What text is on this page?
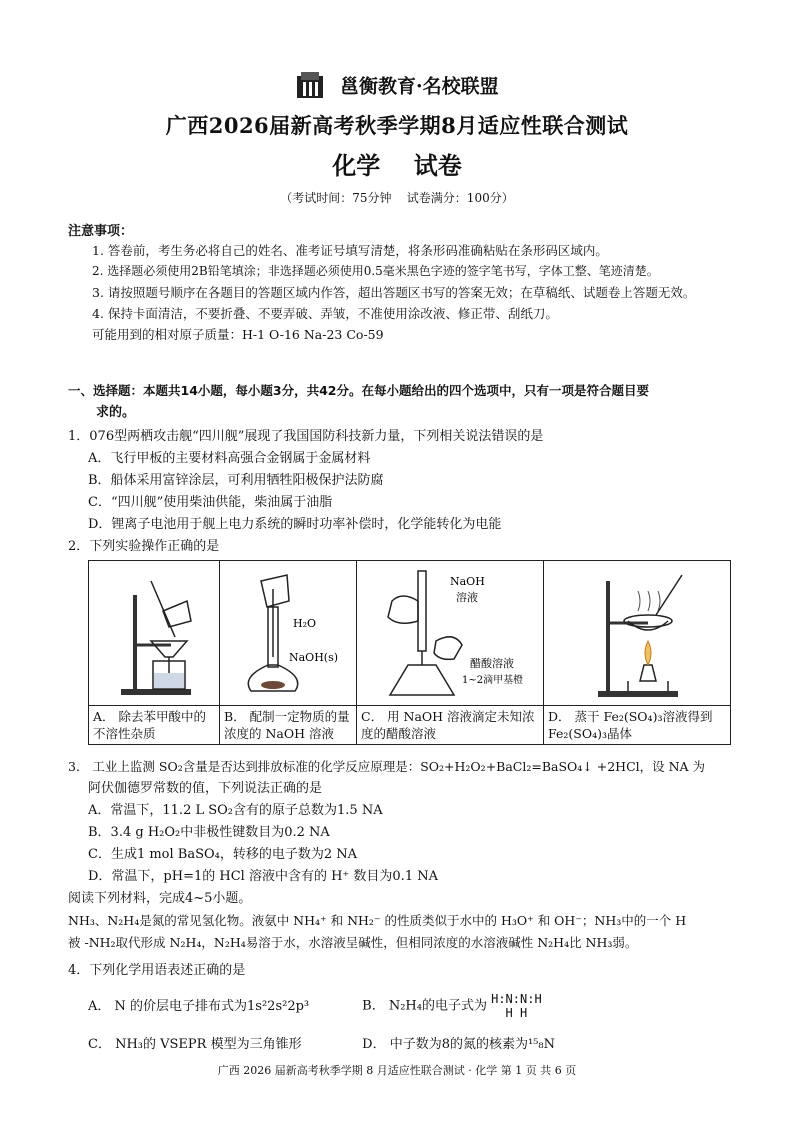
邕衡教育·名校联盟
广西2026届新高考秋季学期8月适应性联合测试
化学    试卷
（考试时间：75分钟    试卷满分：100分）
注意事项：

1. 答卷前，考生务必将自己的姓名、准考证号填写清楚，将条形码准确粘贴在条形码区域内。

2. 选择题必须使用2B铅笔填涂；非选择题必须使用0.5毫米黑色字迹的签字笔书写，字体工整、笔迹清楚。

3. 请按照题号顺序在各题目的答题区域内作答，超出答题区书写的答案无效；在草稿纸、试题卷上答题无效。

4. 保持卡面清洁，不要折叠、不要弄破、弄皱，不准使用涂改液、修正带、刮纸刀。

可能用到的相对原子质量：H-1 O-16 Na-23 Co-59

一、选择题：本题共14小题，每小题3分，共42分。在每小题给出的四个选项中，只有一项是符合题目要
求的。
1．076型两栖攻击舰“四川舰”展现了我国国防科技新力量，下列相关说法错误的是
A．飞行甲板的主要材料高强合金钢属于金属材料
B．船体采用富锌涂层，可利用牺牲阳极保护法防腐
C．“四川舰”使用柴油供能，柴油属于油脂
D．锂离子电池用于舰上电力系统的瞬时功率补偿时，化学能转化为电能
2．下列实验操作正确的是

H₂O
NaOH(s)	NaOH
溶液
醋酸溶液
1~2滴甲基橙

A． 除去苯甲酸中的不溶性杂质	B． 配制一定物质的量浓度的 NaOH 溶液	C． 用 NaOH 溶液滴定未知浓度的醋酸溶液	D． 蒸干 Fe₂(SO₄)₃溶液得到 Fe₂(SO₄)₃晶体
3． 工业上监测 SO₂含量是否达到排放标准的化学反应原理是：SO₂+H₂O₂+BaCl₂=BaSO₄↓ +2HCl，设 NA 为
阿伏伽德罗常数的值，下列说法正确的是
A．常温下，11.2 L SO₂含有的原子总数为1.5 NA
B．3.4 g H₂O₂中非极性键数目为0.2 NA
C．生成1 mol BaSO₄，转移的电子数为2 NA
D．常温下，pH=1的 HCl 溶液中含有的 H⁺ 数目为0.1 NA
阅读下列材料，完成4~5小题。
NH₃、N₂H₄是氮的常见氢化物。液氨中 NH₄⁺ 和 NH₂⁻ 的性质类似于水中的 H₃O⁺ 和 OH⁻；NH₃中的一个 H
被 -NH₂取代形成 N₂H₄，N₂H₄易溶于水，水溶液呈碱性，但相同浓度的水溶液碱性 N₂H₄比 NH₃弱。
4．下列化学用语表述正确的是
A． N 的价层电子排布式为1s²2s²2p³	B． N₂H₄的电子式为 H:N:N:H
H H
C． NH₃的 VSEPR 模型为三角锥形	D． 中子数为8的氮的核素为¹⁵₈N
广西 2026 届新高考秋季学期 8 月适应性联合测试 · 化学 第 1 页 共 6 页
